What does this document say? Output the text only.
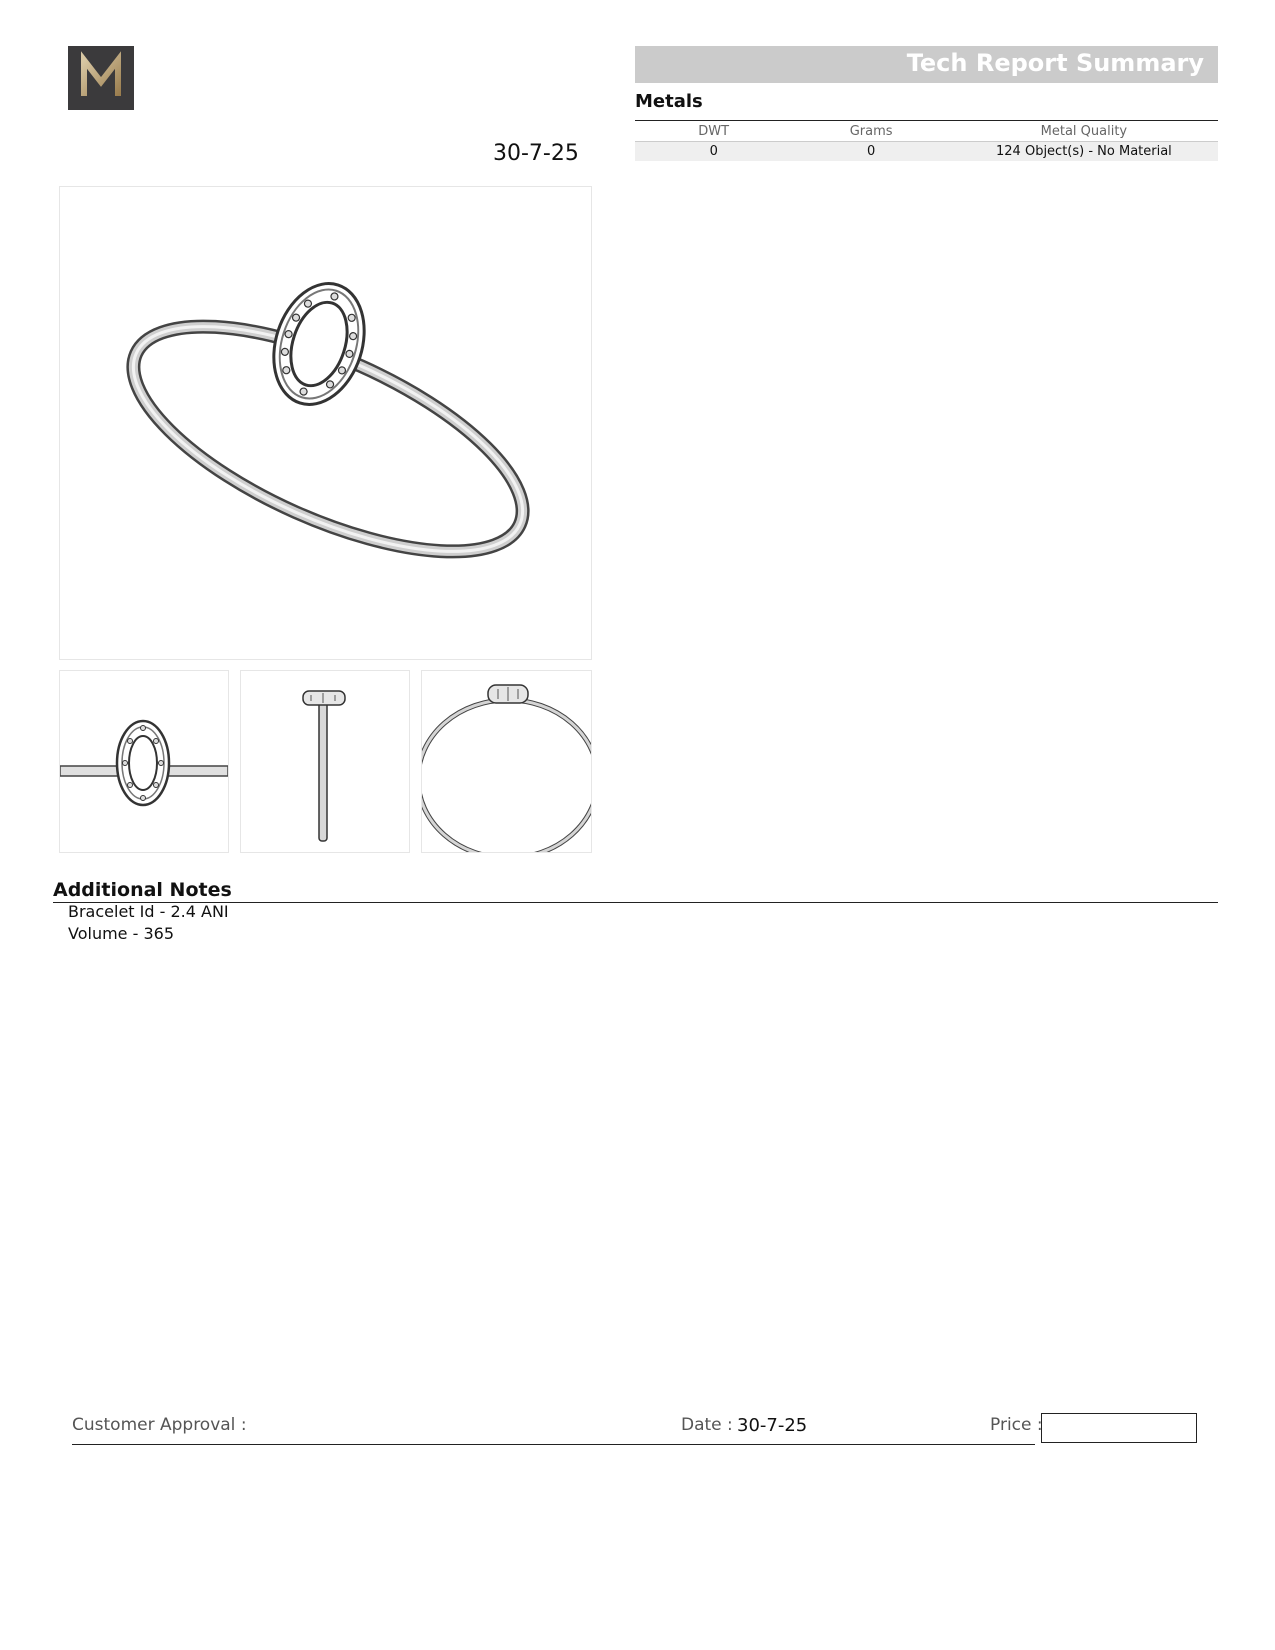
Tech Report Summary
30-7-25
Metals
DWT	Grams	Metal Quality
0	0	124 Object(s) - No Material
Additional Notes
Bracelet Id - 2.4 ANI
Volume - 365
Customer Approval :	Date : 30-7-25	Price :
